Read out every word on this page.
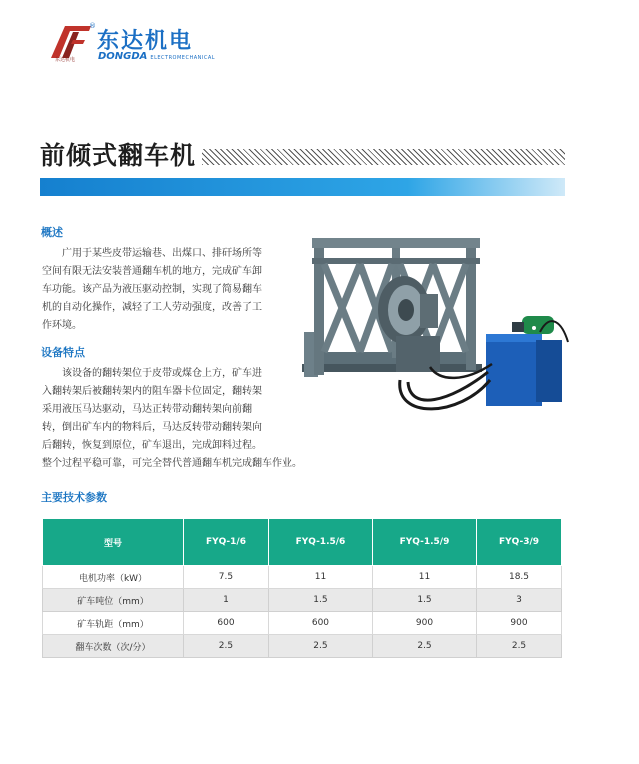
东达机电
®
东达机电
DONGDA ELECTROMECHANICAL
前倾式翻车机
概述
广用于某些皮带运输巷、出煤口、排矸场所等
空间有限无法安装普通翻车机的地方，完成矿车卸
车功能。该产品为液压驱动控制，实现了简易翻车
机的自动化操作，减轻了工人劳动强度，改善了工
作环境。
设备特点
该设备的翻转架位于皮带或煤仓上方，矿车进
入翻转架后被翻转架内的阻车器卡位固定，翻转架
采用液压马达驱动，马达正转带动翻转架向前翻
转，倒出矿车内的物料后，马达反转带动翻转架向
后翻转，恢复到原位，矿车退出，完成卸料过程。
整个过程平稳可靠，可完全替代普通翻车机完成翻车作业。
主要技术参数
型号	FYQ-1/6	FYQ-1.5/6	FYQ-1.5/9	FYQ-3/9
电机功率（kW）	7.5	11	11	18.5
矿车吨位（mm）	1	1.5	1.5	3
矿车轨距（mm）	600	600	900	900
翻车次数（次/分）	2.5	2.5	2.5	2.5
